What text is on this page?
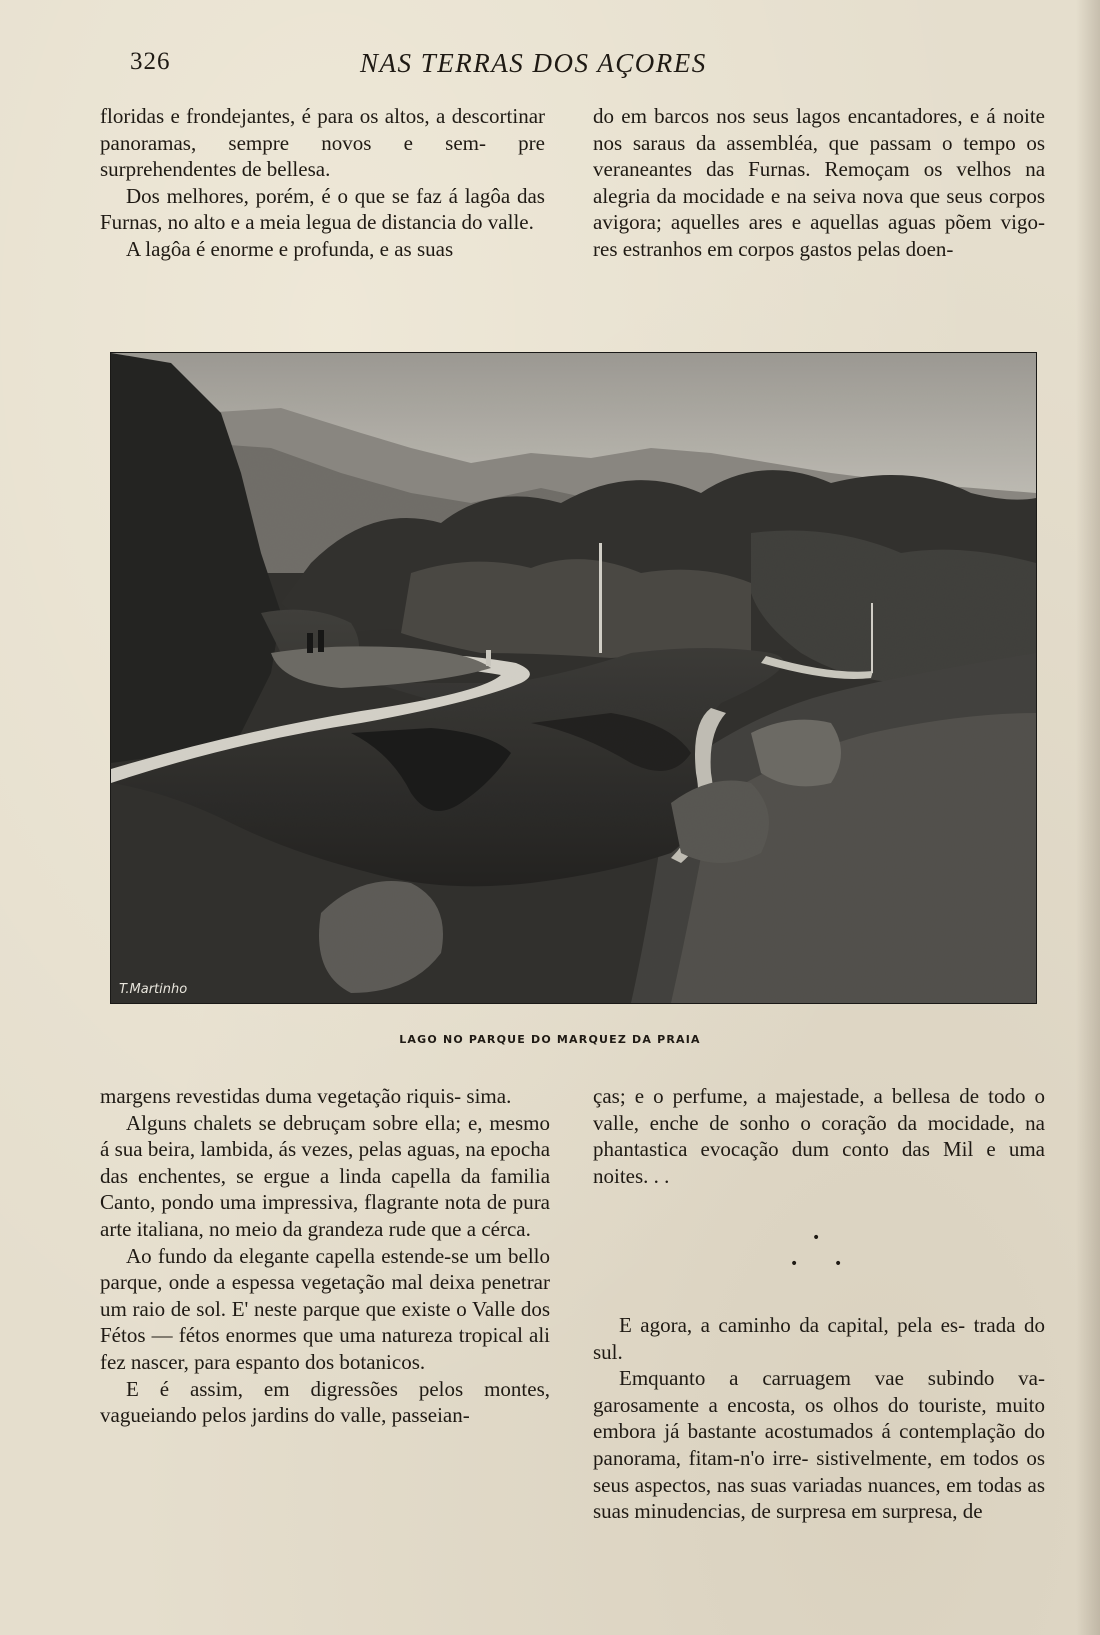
326	NAS TERRAS DOS AÇORES

floridas e frondejantes, é para os altos, a descortinar panoramas, sempre novos e sem- pre surprehendentes de bellesa.

Dos melhores, porém, é o que se faz á lagôa das Furnas, no alto e a meia legua de distancia do valle.

A lagôa é enorme e profunda, e as suas

do em barcos nos seus lagos encantadores, e á noite nos saraus da assembléa, que passam o tempo os veraneantes das Furnas. Remoçam os velhos na alegria da mocidade e na seiva nova que seus corpos avigora; aquelles ares e aquellas aguas põem vigo- res estranhos em corpos gastos pelas doen-

T.Martinho
LAGO NO PARQUE DO MARQUEZ DA PRAIA

margens revestidas duma vegetação riquis- sima.

Alguns chalets se debruçam sobre ella; e, mesmo á sua beira, lambida, ás vezes, pelas aguas, na epocha das enchentes, se ergue a linda capella da familia Canto, pondo uma impressiva, flagrante nota de pura arte italiana, no meio da grandeza rude que a cérca.

Ao fundo da elegante capella estende-se um bello parque, onde a espessa vegetação mal deixa penetrar um raio de sol. E' neste parque que existe o Valle dos Fétos — fétos enormes que uma natureza tropical ali fez nascer, para espanto dos botanicos.

E é assim, em digressões pelos montes, vagueiando pelos jardins do valle, passeian-

ças; e o perfume, a majestade, a bellesa de todo o valle, enche de sonho o coração da mocidade, na phantastica evocação dum conto das Mil e uma noites. . .

•
•	•

E agora, a caminho da capital, pela es- trada do sul.

Emquanto a carruagem vae subindo va- garosamente a encosta, os olhos do touriste, muito embora já bastante acostumados á contemplação do panorama, fitam-n'o irre- sistivelmente, em todos os seus aspectos, nas suas variadas nuances, em todas as suas minudencias, de surpresa em surpresa, de
